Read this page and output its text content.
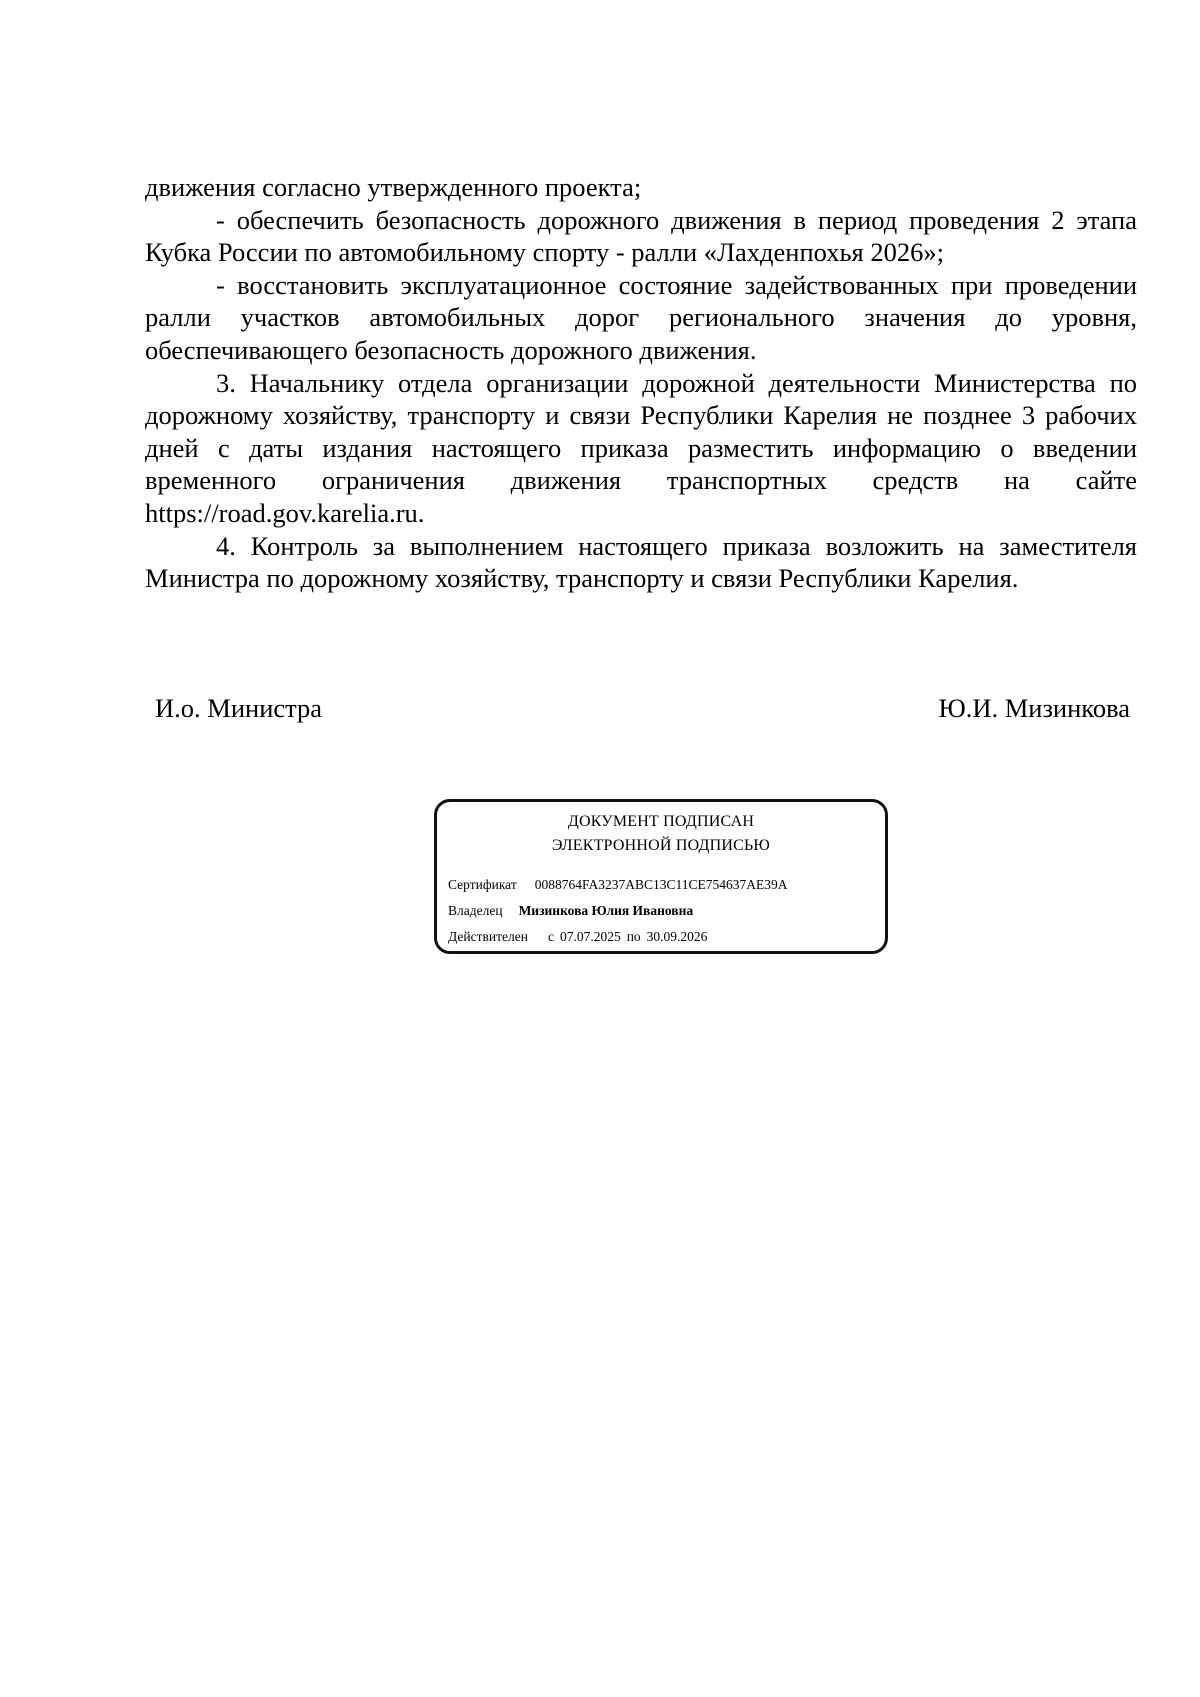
движения согласно утвержденного проекта;

- обеспечить безопасность дорожного движения в период проведения 2 этапа Кубка России по автомобильному спорту - ралли «Лахденпохья 2026»;

- восстановить эксплуатационное состояние задействованных при проведении ралли участков автомобильных дорог регионального значения до уровня, обеспечивающего безопасность дорожного движения.

3. Начальнику отдела организации дорожной деятельности Министерства по дорожному хозяйству, транспорту и связи Республики Карелия не позднее 3 рабочих дней с даты издания настоящего приказа разместить информацию о введении временного ограничения движения транспортных средств на сайте https://road.gov.karelia.ru.

4. Контроль за выполнением настоящего приказа возложить на заместителя Министра по дорожному хозяйству, транспорту и связи Республики Карелия.

И.о. Министра	Ю.И. Мизинкова
ДОКУМЕНТ ПОДПИСАН
ЭЛЕКТРОННОЙ ПОДПИСЬЮ
Сертификат 0088764FA3237ABC13C11CE754637AE39A
Владелец Мизинкова Юлия Ивановна
Действителен с 07.07.2025 по 30.09.2026
